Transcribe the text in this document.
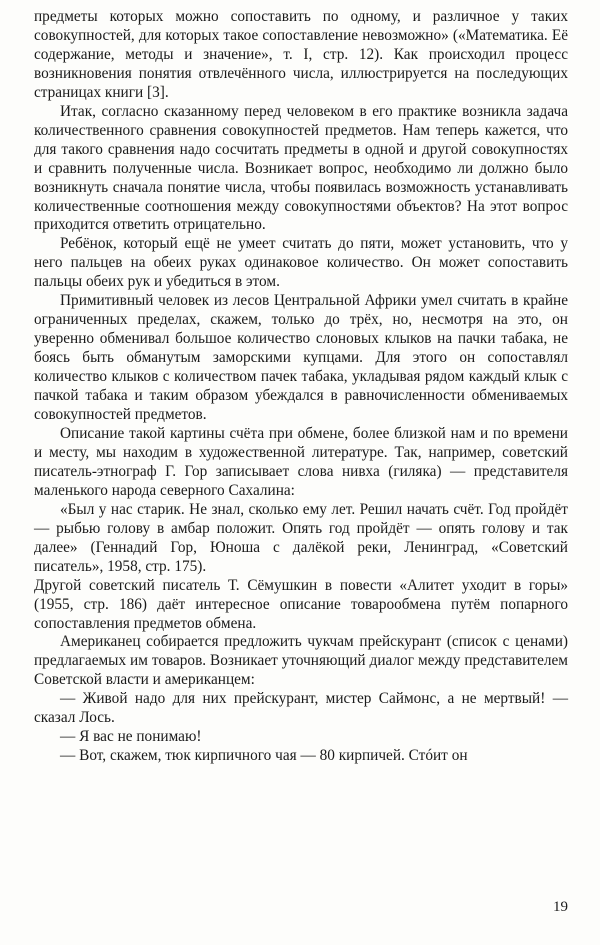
предметы которых можно сопоставить по одному, и различное у таких совокупностей, для которых такое сопоставление невозможно» («Математика. Её содержание, методы и значение», т. I, стр. 12). Как происходил процесс возникновения понятия отвлечённого числа, иллюстрируется на последующих страницах книги [3].

Итак, согласно сказанному перед человеком в его практике возникла задача количественного сравнения совокупностей предметов. Нам теперь кажется, что для такого сравнения надо сосчитать предметы в одной и другой совокупностях и сравнить полученные числа. Возникает вопрос, необходимо ли должно было возникнуть сначала понятие числа, чтобы появилась возможность устанавливать количественные соотношения между совокупностями объектов? На этот вопрос приходится ответить отрицательно.

Ребёнок, который ещё не умеет считать до пяти, может установить, что у него пальцев на обеих руках одинаковое количество. Он может сопоставить пальцы обеих рук и убедиться в этом.

Примитивный человек из лесов Центральной Африки умел считать в крайне ограниченных пределах, скажем, только до трёх, но, несмотря на это, он уверенно обменивал большое количество слоновых клыков на пачки табака, не боясь быть обманутым заморскими купцами. Для этого он сопоставлял количество клыков с количеством пачек табака, укладывая рядом каждый клык с пачкой табака и таким образом убеждался в равночисленности обмениваемых совокупностей предметов.

Описание такой картины счёта при обмене, более близкой нам и по времени и месту, мы находим в художественной литературе. Так, например, советский писатель-этнограф Г. Гор записывает слова нивха (гиляка) — представителя маленького народа северного Сахалина:

«Был у нас старик. Не знал, сколько ему лет. Решил начать счёт. Год пройдёт — рыбью голову в амбар положит. Опять год пройдёт — опять голову и так далее» (Геннадий Гор, Юноша с далёкой реки, Ленинград, «Советский писатель», 1958, стр. 175).

Другой советский писатель Т. Сёмушкин в повести «Алитет уходит в горы» (1955, стр. 186) даёт интересное описание товарообмена путём попарного сопоставления предметов обмена.

Американец собирается предложить чукчам прейскурант (список с ценами) предлагаемых им товаров. Возникает уточняющий диалог между представителем Советской власти и американцем:

— Живой надо для них прейскурант, мистер Саймонс, а не мертвый! — сказал Лось.

— Я вас не понимаю!

— Вот, скажем, тюк кирпичного чая — 80 кирпичей. Стóит он

19
